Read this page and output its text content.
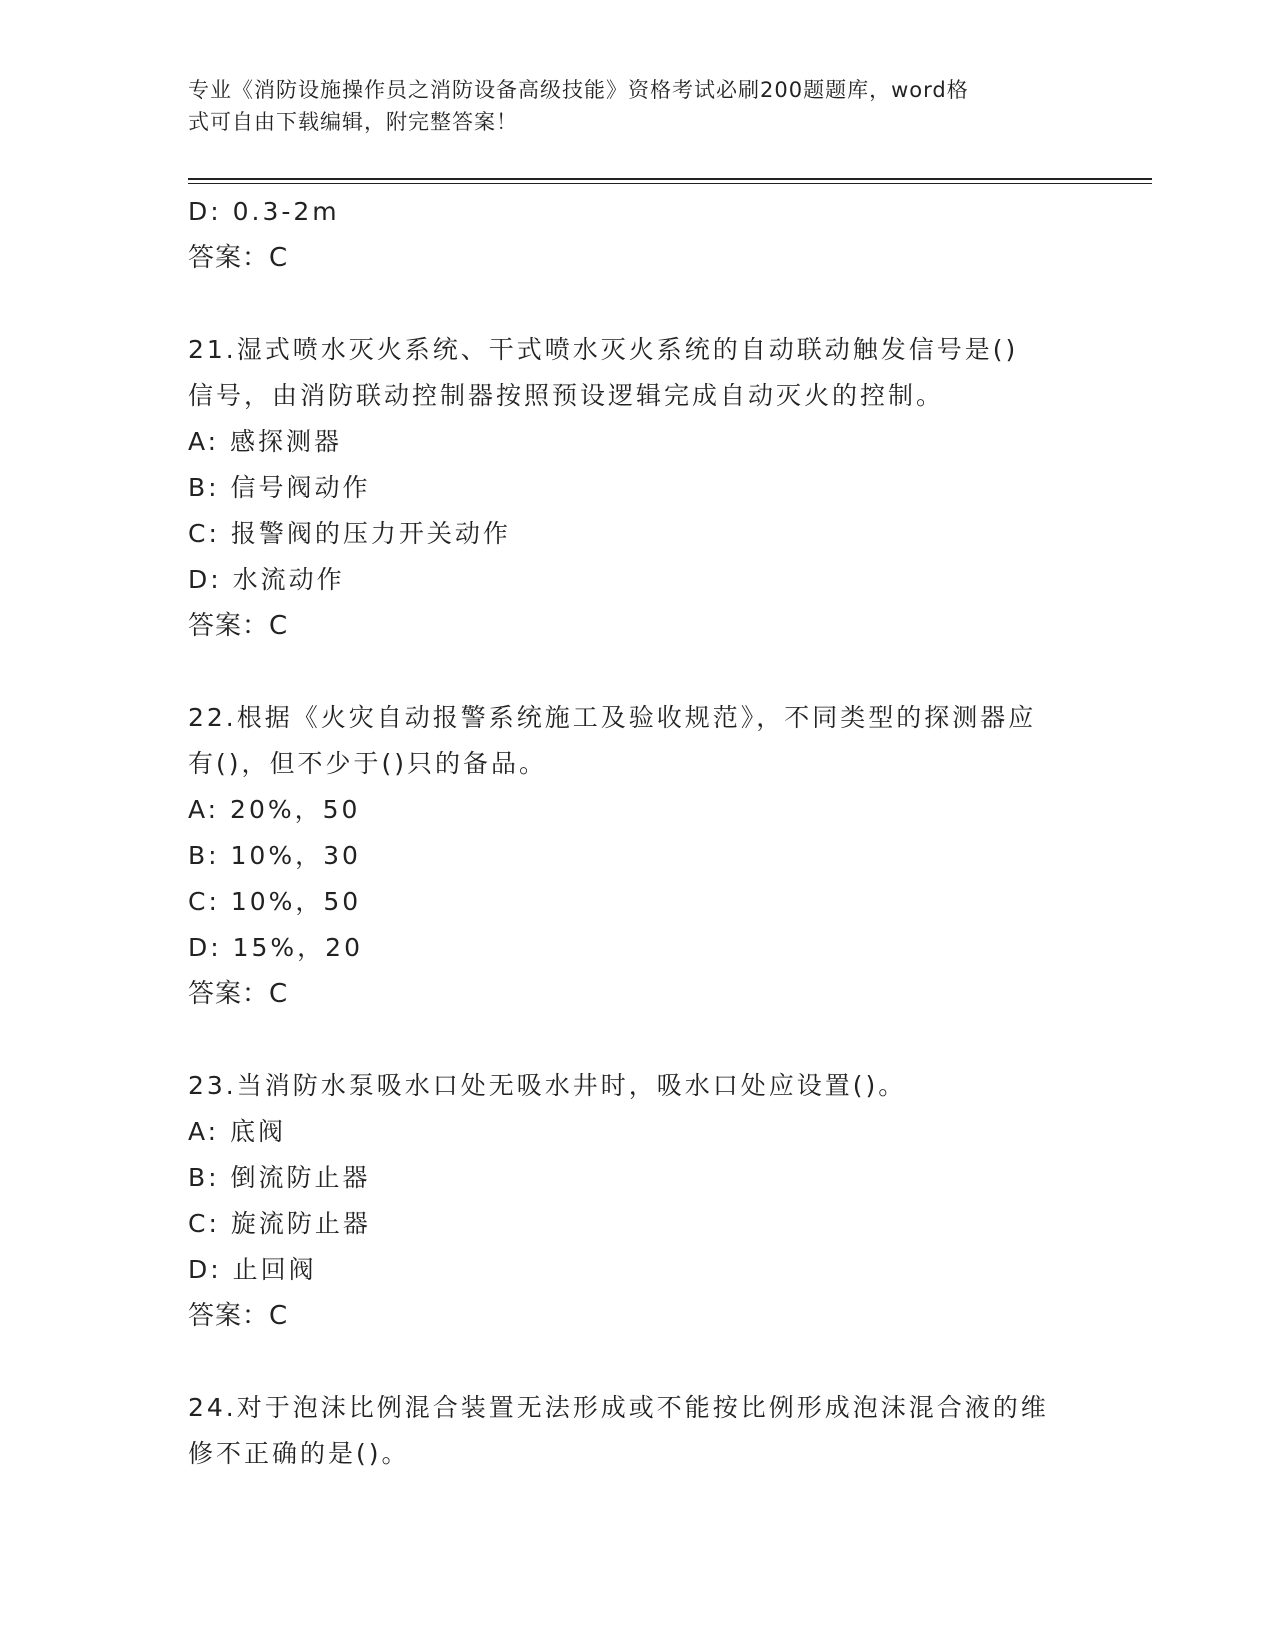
专业《消防设施操作员之消防设备高级技能》资格考试必刷200题题库，word格
式可自由下载编辑，附完整答案！
D: 0.3-2m
答案：C
21.湿式喷水灭火系统、干式喷水灭火系统的自动联动触发信号是()
信号，由消防联动控制器按照预设逻辑完成自动灭火的控制。
A: 感探测器
B: 信号阀动作
C: 报警阀的压力开关动作
D: 水流动作
答案：C
22.根据《火灾自动报警系统施工及验收规范》，不同类型的探测器应
有()，但不少于()只的备品。
A: 20%，50
B: 10%，30
C: 10%，50
D: 15%，20
答案：C
23.当消防水泵吸水口处无吸水井时，吸水口处应设置()。
A: 底阀
B: 倒流防止器
C: 旋流防止器
D: 止回阀
答案：C
24.对于泡沫比例混合装置无法形成或不能按比例形成泡沫混合液的维
修不正确的是()。
